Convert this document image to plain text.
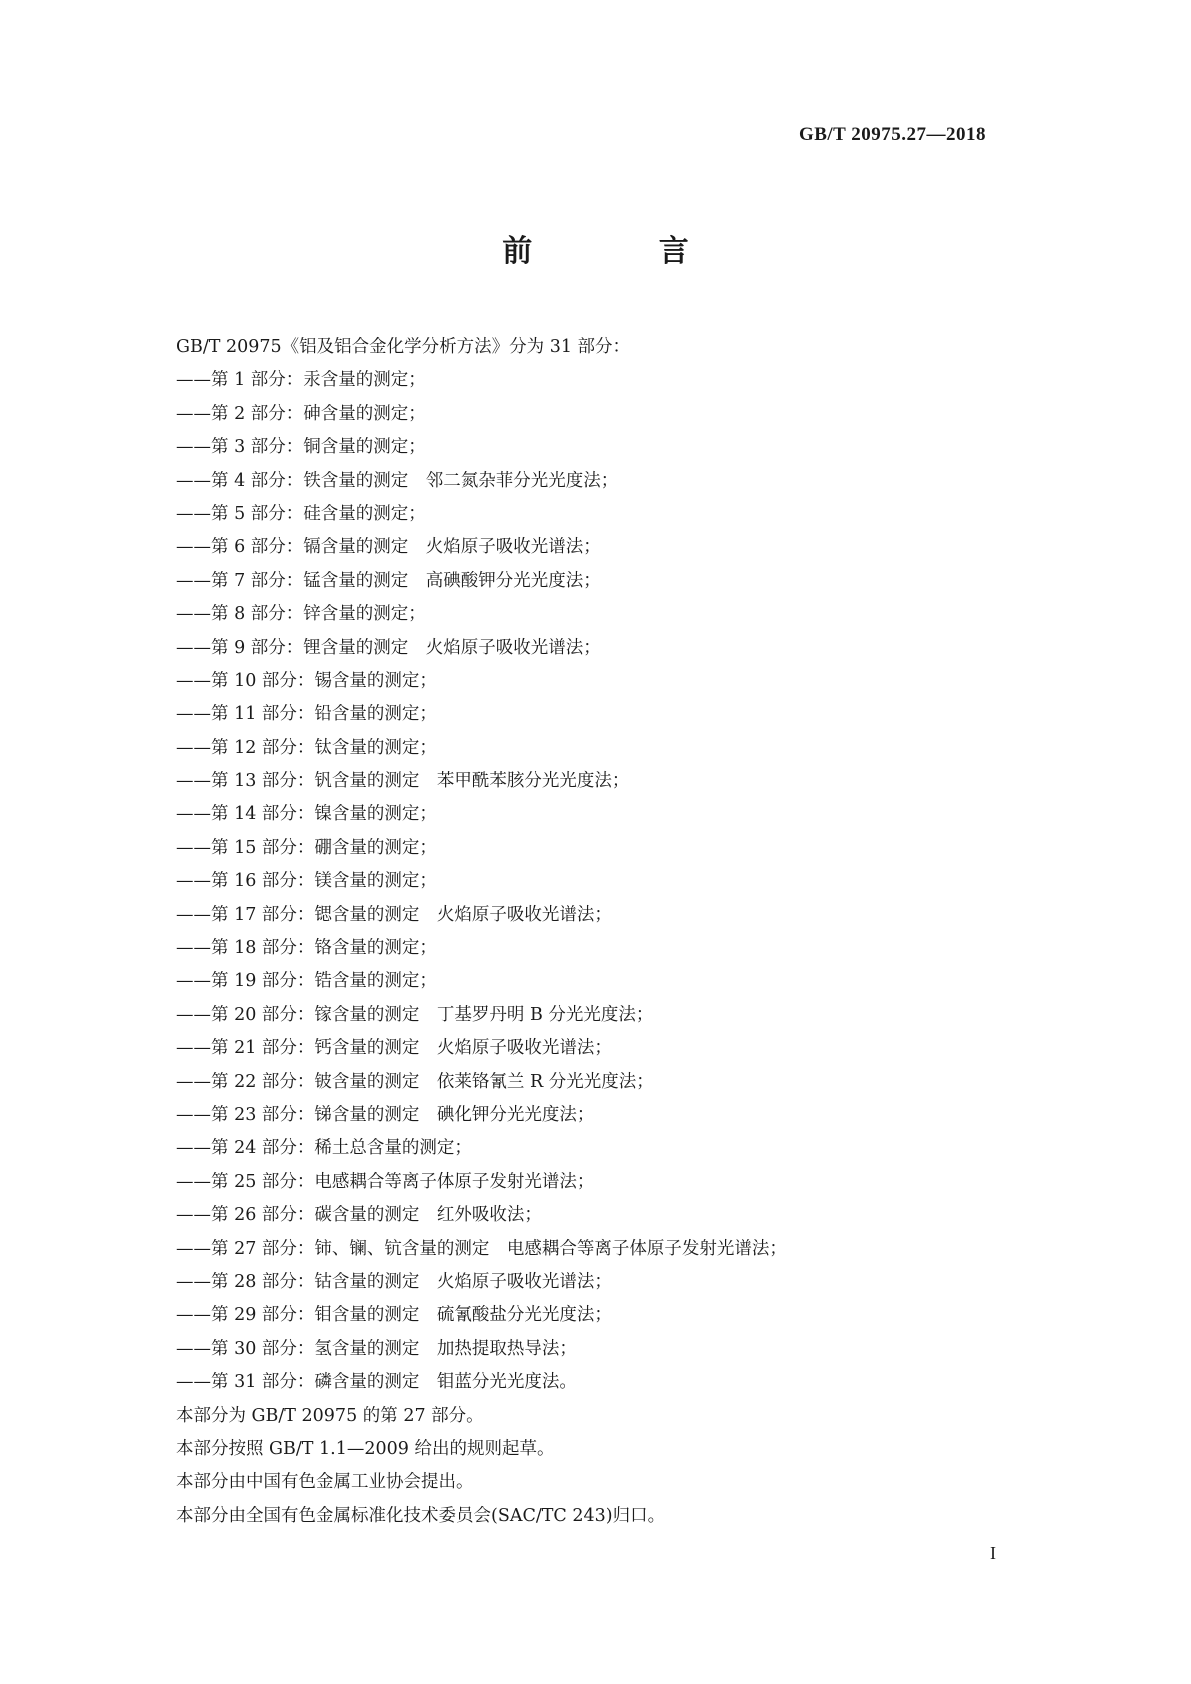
GB/T 20975.27—2018
前 言
GB/T 20975《铝及铝合金化学分析方法》分为 31 部分：
——第 1 部分：汞含量的测定；
——第 2 部分：砷含量的测定；
——第 3 部分：铜含量的测定；
——第 4 部分：铁含量的测定　邻二氮杂菲分光光度法；
——第 5 部分：硅含量的测定；
——第 6 部分：镉含量的测定　火焰原子吸收光谱法；
——第 7 部分：锰含量的测定　高碘酸钾分光光度法；
——第 8 部分：锌含量的测定；
——第 9 部分：锂含量的测定　火焰原子吸收光谱法；
——第 10 部分：锡含量的测定；
——第 11 部分：铅含量的测定；
——第 12 部分：钛含量的测定；
——第 13 部分：钒含量的测定　苯甲酰苯胲分光光度法；
——第 14 部分：镍含量的测定；
——第 15 部分：硼含量的测定；
——第 16 部分：镁含量的测定；
——第 17 部分：锶含量的测定　火焰原子吸收光谱法；
——第 18 部分：铬含量的测定；
——第 19 部分：锆含量的测定；
——第 20 部分：镓含量的测定　丁基罗丹明 B 分光光度法；
——第 21 部分：钙含量的测定　火焰原子吸收光谱法；
——第 22 部分：铍含量的测定　依莱铬氰兰 R 分光光度法；
——第 23 部分：锑含量的测定　碘化钾分光光度法；
——第 24 部分：稀土总含量的测定；
——第 25 部分：电感耦合等离子体原子发射光谱法；
——第 26 部分：碳含量的测定　红外吸收法；
——第 27 部分：铈、镧、钪含量的测定　电感耦合等离子体原子发射光谱法；
——第 28 部分：钴含量的测定　火焰原子吸收光谱法；
——第 29 部分：钼含量的测定　硫氰酸盐分光光度法；
——第 30 部分：氢含量的测定　加热提取热导法；
——第 31 部分：磷含量的测定　钼蓝分光光度法。
本部分为 GB/T 20975 的第 27 部分。
本部分按照 GB/T 1.1—2009 给出的规则起草。
本部分由中国有色金属工业协会提出。
本部分由全国有色金属标准化技术委员会(SAC/TC 243)归口。
I
